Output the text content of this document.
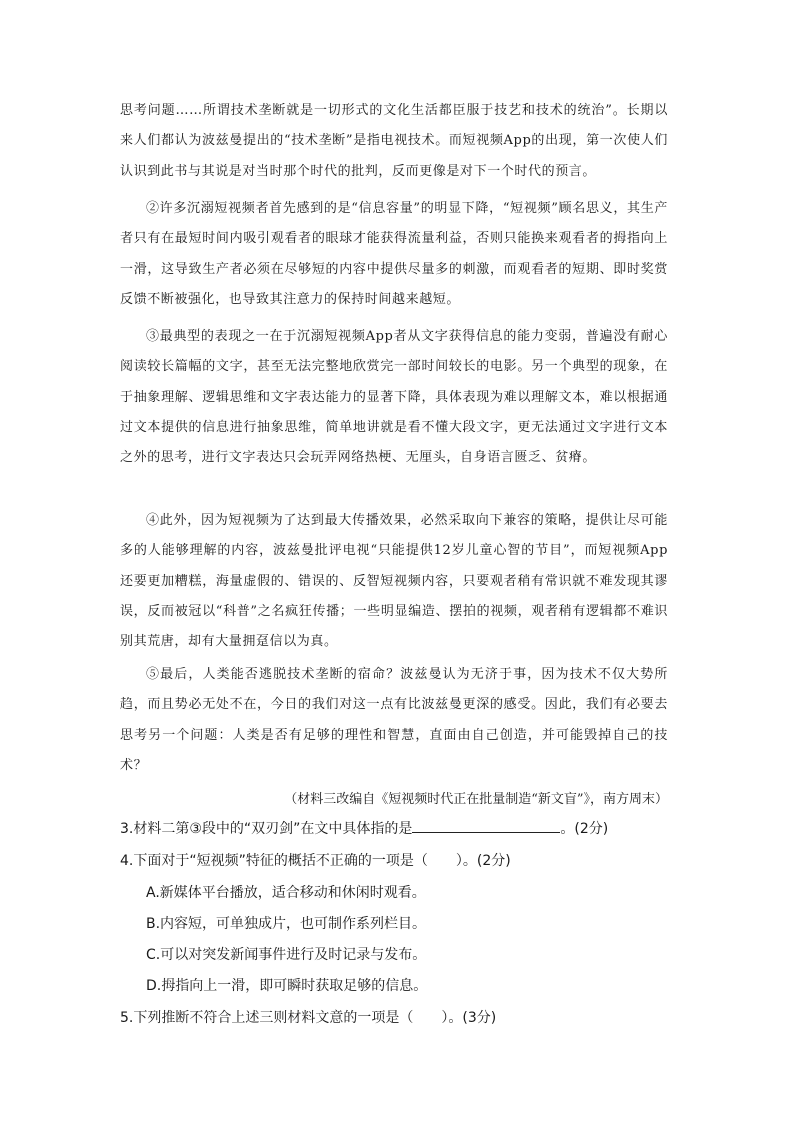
思考问题……所谓技术垄断就是一切形式的文化生活都臣服于技艺和技术的统治”。长期以来人们都认为波兹曼提出的“技术垄断”是指电视技术。而短视频App的出现，第一次使人们认识到此书与其说是对当时那个时代的批判，反而更像是对下一个时代的预言。

②许多沉溺短视频者首先感到的是“信息容量”的明显下降，“短视频”顾名思义，其生产者只有在最短时间内吸引观看者的眼球才能获得流量利益，否则只能换来观看者的拇指向上一滑，这导致生产者必须在尽够短的内容中提供尽量多的刺激，而观看者的短期、即时奖赏反馈不断被强化，也导致其注意力的保持时间越来越短。

③最典型的表现之一在于沉溺短视频App者从文字获得信息的能力变弱，普遍没有耐心阅读较长篇幅的文字，甚至无法完整地欣赏完一部时间较长的电影。另一个典型的现象，在于抽象理解、逻辑思维和文字表达能力的显著下降，具体表现为难以理解文本，难以根据通过文本提供的信息进行抽象思维，简单地讲就是看不懂大段文字，更无法通过文字进行文本之外的思考，进行文字表达只会玩弄网络热梗、无厘头，自身语言匮乏、贫瘠。

④此外，因为短视频为了达到最大传播效果，必然采取向下兼容的策略，提供让尽可能多的人能够理解的内容，波兹曼批评电视“只能提供12岁儿童心智的节目”，而短视频App还要更加糟糕，海量虚假的、错误的、反智短视频内容，只要观者稍有常识就不难发现其谬误，反而被冠以“科普”之名疯狂传播；一些明显编造、摆拍的视频，观者稍有逻辑都不难识别其荒唐，却有大量拥趸信以为真。

⑤最后，人类能否逃脱技术垄断的宿命？波兹曼认为无济于事，因为技术不仅大势所趋，而且势必无处不在，今日的我们对这一点有比波兹曼更深的感受。因此，我们有必要去思考另一个问题：人类是否有足够的理性和智慧，直面由自己创造，并可能毁掉自己的技术？

（材料三改编自《短视频时代正在批量制造“新文盲”》，南方周末）

3.材料二第③段中的“双刃剑”在文中具体指的是	。(2分)

4.下面对于“短视频”特征的概括不正确的一项是（　　）。(2分)

A.新媒体平台播放，适合移动和休闲时观看。

B.内容短，可单独成片，也可制作系列栏目。

C.可以对突发新闻事件进行及时记录与发布。

D.拇指向上一滑，即可瞬时获取足够的信息。

5.下列推断不符合上述三则材料文意的一项是（　　）。(3分)
